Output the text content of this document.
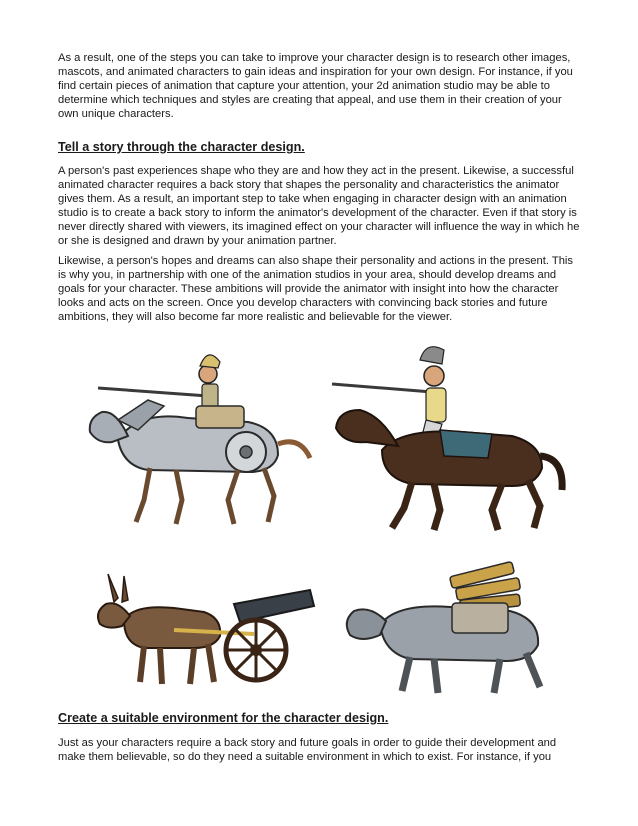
As a result, one of the steps you can take to improve your character design is to research other images, mascots, and animated characters to gain ideas and inspiration for your own design. For instance, if you find certain pieces of animation that capture your attention, your 2d animation studio may be able to determine which techniques and styles are creating that appeal, and use them in their creation of your own unique characters.

Tell a story through the character design.

A person's past experiences shape who they are and how they act in the present. Likewise, a successful animated character requires a back story that shapes the personality and characteristics the animator gives them. As a result, an important step to take when engaging in character design with an animation studio is to create a back story to inform the animator's development of the character. Even if that story is never directly shared with viewers, its imagined effect on your character will influence the way in which he or she is designed and drawn by your animation partner.

Likewise, a person's hopes and dreams can also shape their personality and actions in the present. This is why you, in partnership with one of the animation studios in your area, should develop dreams and goals for your character. These ambitions will provide the animator with insight into how the character looks and acts on the screen. Once you develop characters with convincing back stories and future ambitions, they will also become far more realistic and believable for the viewer.

Create a suitable environment for the character design.

Just as your characters require a back story and future goals in order to guide their development and make them believable, so do they need a suitable environment in which to exist. For instance, if you
